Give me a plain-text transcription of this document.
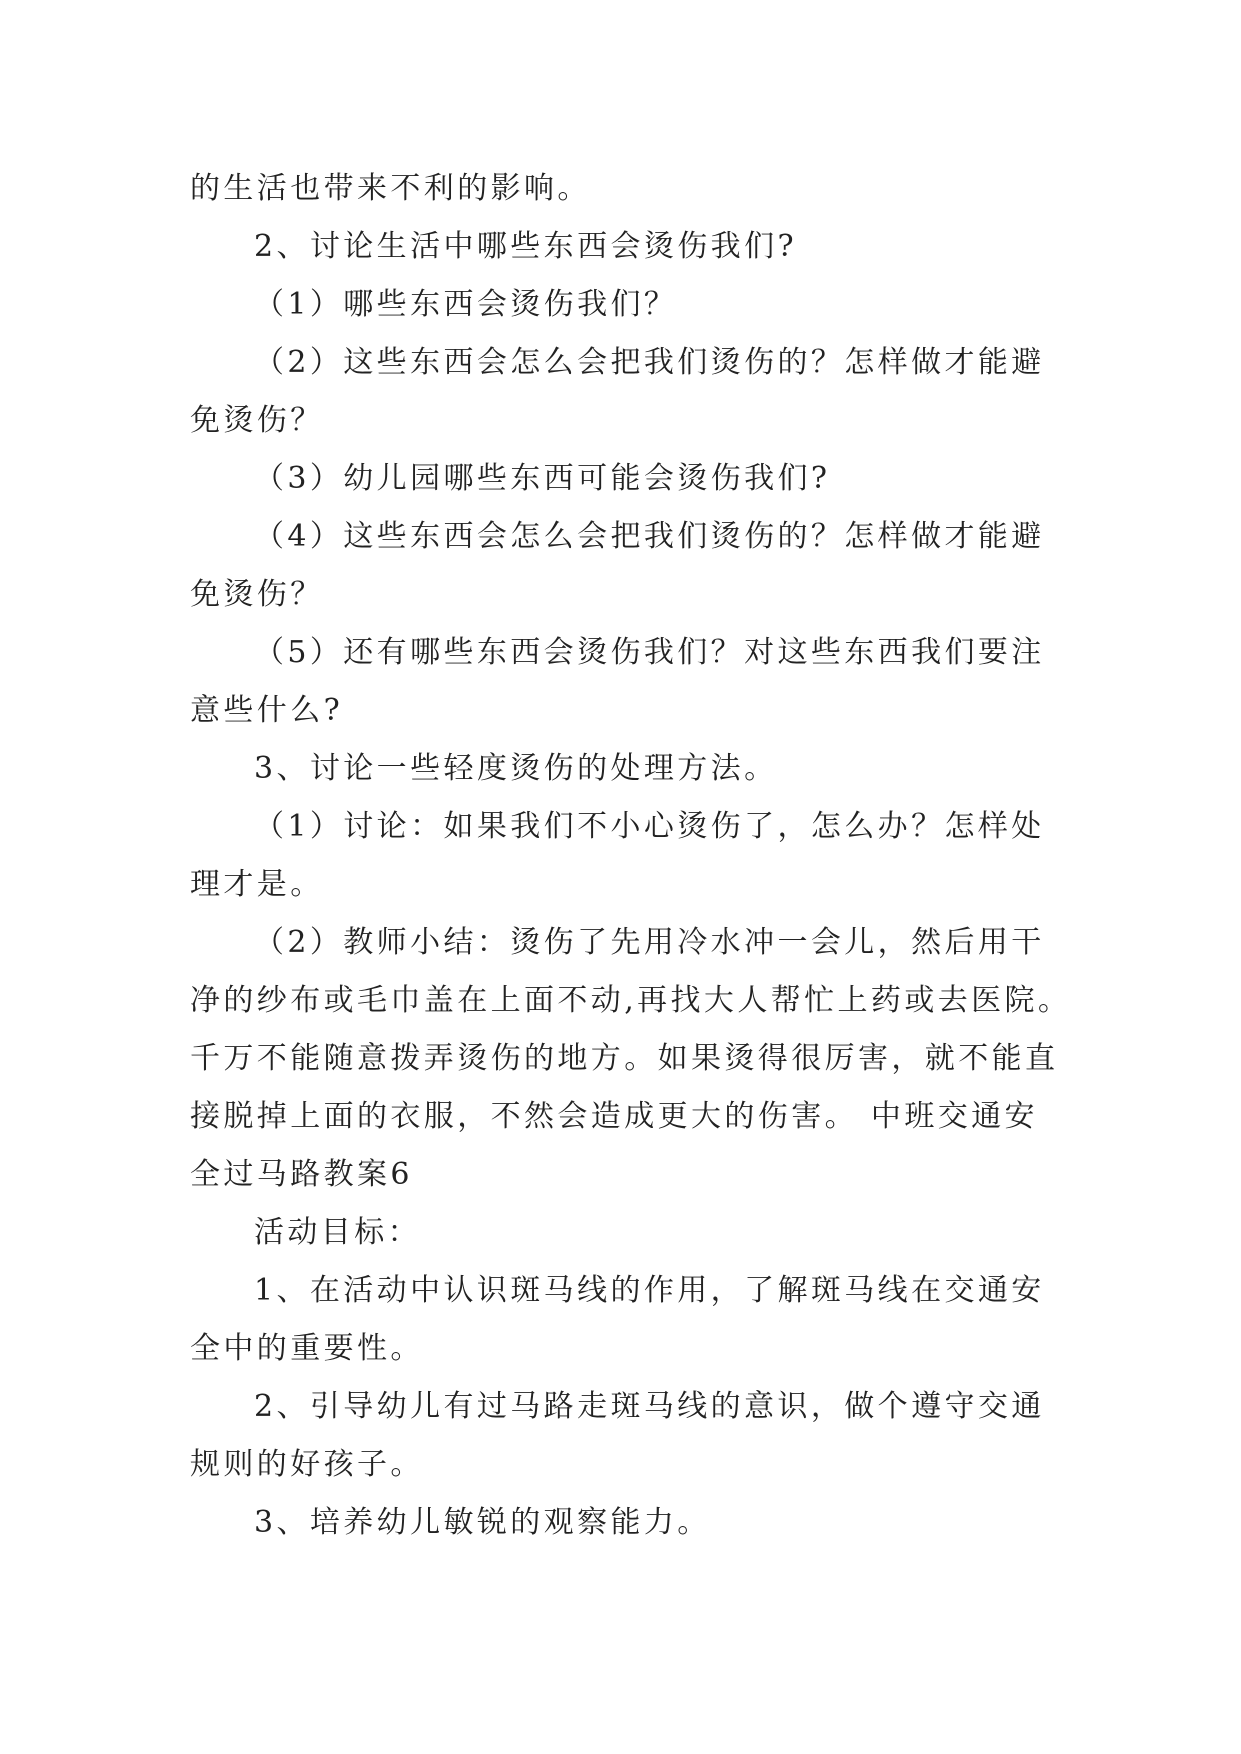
的生活也带来不利的影响。
2、讨论生活中哪些东西会烫伤我们?
（1）哪些东西会烫伤我们？
（2）这些东西会怎么会把我们烫伤的？怎样做才能避
免烫伤？
（3）幼儿园哪些东西可能会烫伤我们?
（4）这些东西会怎么会把我们烫伤的？怎样做才能避
免烫伤？
（5）还有哪些东西会烫伤我们？对这些东西我们要注
意些什么?
3、讨论一些轻度烫伤的处理方法。
（1）讨论：如果我们不小心烫伤了，怎么办？怎样处
理才是。
（2）教师小结：烫伤了先用冷水冲一会儿，然后用干
净的纱布或毛巾盖在上面不动,再找大人帮忙上药或去医院。
千万不能随意拨弄烫伤的地方。如果烫得很厉害，就不能直
接脱掉上面的衣服，不然会造成更大的伤害。 中班交通安
全过马路教案6
活动目标：
1、在活动中认识斑马线的作用，了解斑马线在交通安
全中的重要性。
2、引导幼儿有过马路走斑马线的意识，做个遵守交通
规则的好孩子。
3、培养幼儿敏锐的观察能力。
